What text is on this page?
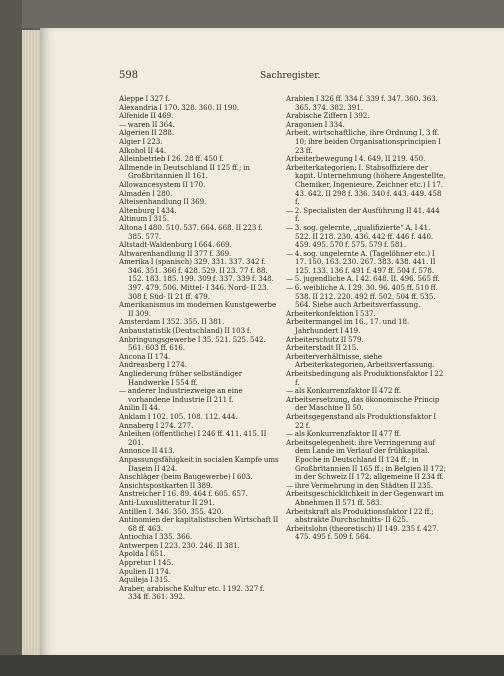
598	Sachregister.

Aleppe I 327 f.

Alexandria I 170. 328. 360. II 190.

Alfenide II 469.

— waren II 364.

Algerien II 288.

Algier I 223.

Alkohol II 44.

Alleinbetrieb I 26. 28 ff. 450 f.

Allmende in Deutschland II 125 ff.; in Großbritannien II 161.

Allowancesystem II 170.

Almadén I 280.

Alteisenhandlung II 369.

Altenburg I 434.

Altinum I 315.

Altona I 480. 510. 537. 664. 668. II 223 f. 385. 577.

Altstadt-Waldenburg I 664. 669.

Altwarenhandlung II 377 f. 369.

Amerika I (spanisch) 329. 331. 337. 342 f. 346. 351. 366 f. 428. 529. II 23. 77 f. 88. 152. 183. 185. 199. 309 f. 337. 339 f. 348. 397. 479. 506. Mittel- I 346. Nord- II 23. 308 f. Süd- II 21 ff. 479.

Amerikanismus im modernen Kunstgewerbe II 309.

Amsterdam I 352. 355. II 381.

Anbaustatistik (Deutschland) II 103 f.

Anbringungsgewerbe I 35. 521. 525. 542. 561. 603 ff. 616.

Ancona II 174.

Andreasberg I 274.

Angliederung früher selbständiger Handwerke I 554 ff.

— anderer Industriezweige an eine vorhandene Industrie II 211 f.

Anilin II 44.

Anklam I 102. 105. 108. 112. 444.

Annaberg I 274. 277.

Anleihen (öffentliche) I 246 ff. 411. 415. II 201.

Annonce II 413.

Anpassungsfähigkeit in socialen Kampfe ums Dasein II 424.

Anschläger (beim Baugewerbe) I 603.

Ansichtspostkarten II 389.

Anstreicher I 16. 89. 464 f. 605. 657.

Anti-Luxuslitteratur II 291.

Antillen I. 346. 350. 355. 420.

Antinomien der kapitalistischen Wirtschaft II 68 ff. 463.

Antiochia I 335. 366.

Antwerpen I 223. 230. 246. II 381.

Apolda I 651.

Appretur I 145.

Apulien II 174.

Aquileja I 315.

Araber, arabische Kultur etc. I 192. 327 f. 334 ff. 361. 392.

Arabien I 326 ff. 334 f. 339 f. 347. 360. 363. 365. 374. 382. 391.

Arabische Ziffern I 392.

Aragonien I 334.

Arbeit, wirtschaftliche, ihre Ordnung I, 3 ff. 10; ihre beiden Organisationsprincipien I 23 ff.

Arbeiterbewegung I 4. 649, II 219. 450.

Arbeiterkategorien: I. Stabsoffiziere der kapit. Unternehmung (höhere Angestellte, Chemiker, Ingenieure, Zeichner etc.) I 17. 43. 642. II 298 f. 336. 340 f. 443. 449. 458 f.

— 2. Specialisten der Ausführung II 41. 444 f.

— 3. sog. gelernte, „qualifizierte“ A. I 41. 522. II 218. 230. 436. 442 ff. 446 f. 440. 459. 495. 570 f. 575. 579 f. 581.

— 4. sog. ungelernte A. (Tagelöhner etc.) I 17. 150. 163. 230. 267. 383. 438. 441. II 125. 133. 136 f. 491 f. 497 ff. 504 f. 578.

— 5. jugendliche A. I 42. 648. II. 496. 565 ff.

— 6. weibliche A. I 29. 30. 96. 405 ff. 510 ff. 538. II 212. 220. 492 ff. 502. 504 ff. 535. 564. Siehe auch Arbeitsverfassung.

Arbeiterkonfektion I 537.

Arbeitermangel im 16., 17. und 18. Jahrhundert I 419.

Arbeiterschutz II 579.

Arbeiterstadt II 215.

Arbeiterverhältnisse, siehe Arbeiterkategorien, Arbeitsverfassung.

Arbeitsbedingung als Produktionsfaktor I 22 f.

— als Konkurrenzfaktor II 472 ff.

Arbeitsersetzung, das ökonomische Princip der Maschine II 50.

Arbeitsgegenstand als Produktionsfaktor I 22 f.

— als Konkurrenzfaktor II 477 ff.

Arbeitsgelegenheit: ihre Verringerung auf dem Lande im Verlauf der frühkapital. Epoche in Deutschland II 124 ff.; in Großbritannien II 165 ff.; in Belgien II 172; in der Schweiz II 172; allgemeine II 234 ff.

— ihre Vermehrung in den Städten II 235.

Arbeitsgeschicklichkeit in der Gegenwart im Abnehmen II 571 ff. 583.

Arbeitskraft als Produktionsfaktor I 22 ff.; abstrakte Durchschnitts- II 625.

Arbeitslohn (theoretisch) II 149. 235 f. 427. 475. 495 f. 509 f. 564.
